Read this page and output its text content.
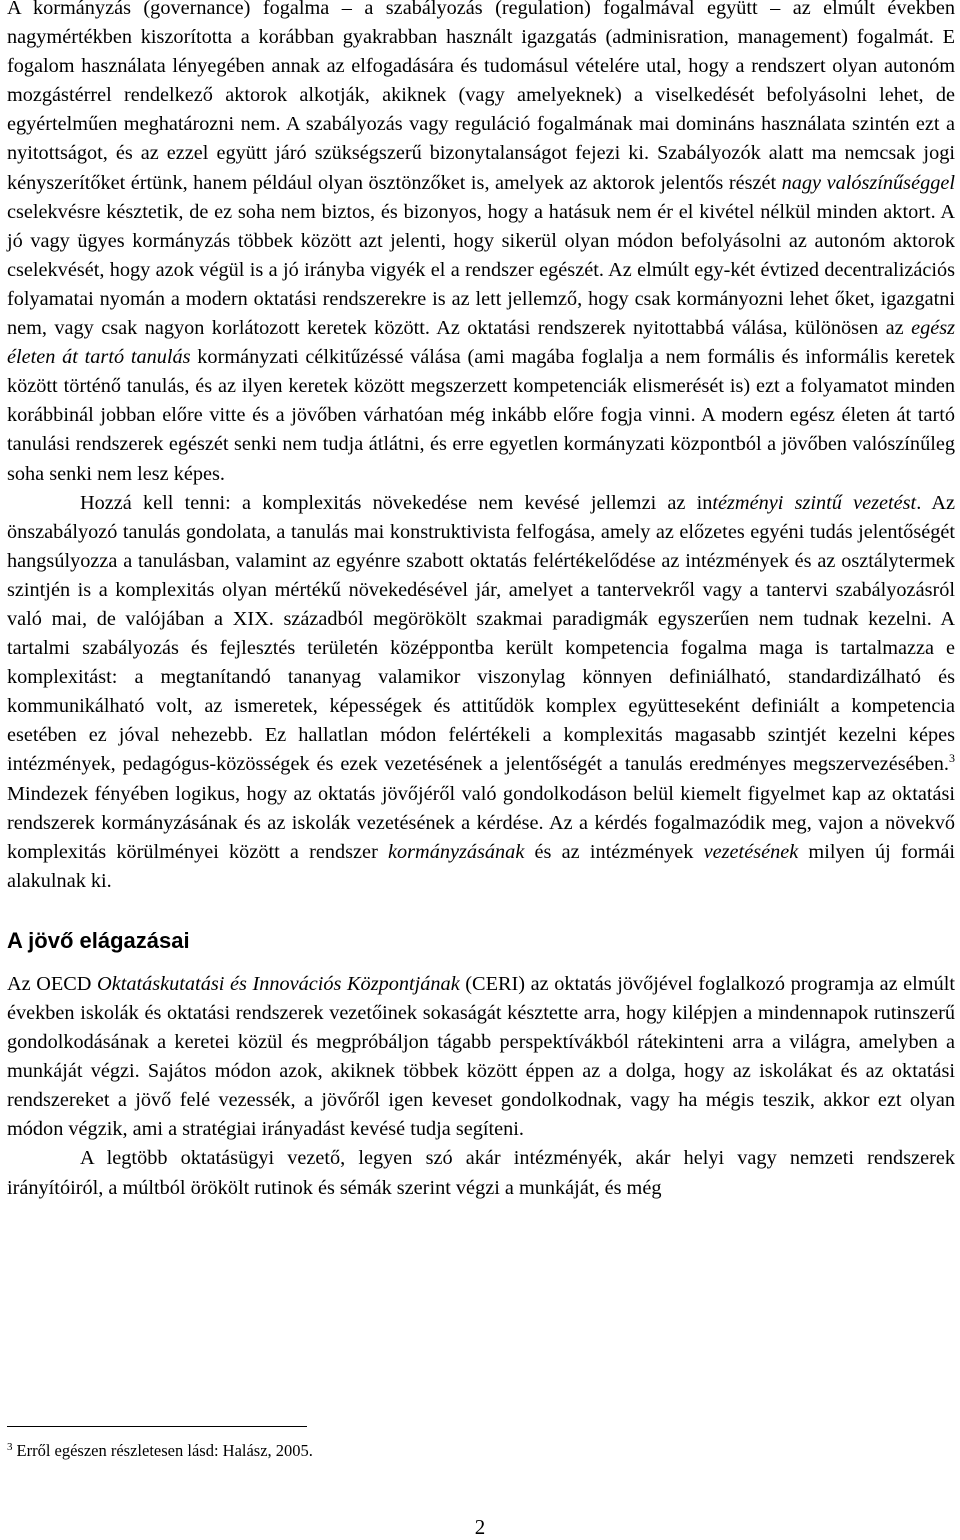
A kormányzás (governance) fogalma – a szabályozás (regulation) fogalmával együtt – az elmúlt években nagymértékben kiszorította a korábban gyakrabban használt igazgatás (adminisration, management) fogalmát. E fogalom használata lényegében annak az elfogadására és tudomásul vételére utal, hogy a rendszert olyan autonóm mozgástérrel rendelkező aktorok alkotják, akiknek (vagy amelyeknek) a viselkedését befolyásolni lehet, de egyértelműen meghatározni nem. A szabályozás vagy reguláció fogalmának mai domináns használata szintén ezt a nyitottságot, és az ezzel együtt járó szükségszerű bizonytalanságot fejezi ki. Szabályozók alatt ma nemcsak jogi kényszerítőket értünk, hanem például olyan ösztönzőket is, amelyek az aktorok jelentős részét nagy valószínűséggel cselekvésre késztetik, de ez soha nem biztos, és bizonyos, hogy a hatásuk nem ér el kivétel nélkül minden aktort. A jó vagy ügyes kormányzás többek között azt jelenti, hogy sikerül olyan módon befolyásolni az autonóm aktorok cselekvését, hogy azok végül is a jó irányba vigyék el a rendszer egészét. Az elmúlt egy-két évtized decentralizációs folyamatai nyomán a modern oktatási rendszerekre is az lett jellemző, hogy csak kormányozni lehet őket, igazgatni nem, vagy csak nagyon korlátozott keretek között. Az oktatási rendszerek nyitottabbá válása, különösen az egész életen át tartó tanulás kormányzati célkitűzéssé válása (ami magába foglalja a nem formális és informális keretek között történő tanulás, és az ilyen keretek között megszerzett kompetenciák elismerését is) ezt a folyamatot minden korábbinál jobban előre vitte és a jövőben várhatóan még inkább előre fogja vinni. A modern egész életen át tartó tanulási rendszerek egészét senki nem tudja átlátni, és erre egyetlen kormányzati központból a jövőben valószínűleg soha senki nem lesz képes.

Hozzá kell tenni: a komplexitás növekedése nem kevésé jellemzi az intézményi szintű vezetést. Az önszabályozó tanulás gondolata, a tanulás mai konstruktivista felfogása, amely az előzetes egyéni tudás jelentőségét hangsúlyozza a tanulásban, valamint az egyénre szabott oktatás felértékelődése az intézmények és az osztálytermek szintjén is a komplexitás olyan mértékű növekedésével jár, amelyet a tantervekről vagy a tantervi szabályozásról való mai, de valójában a XIX. századból megörökölt szakmai paradigmák egyszerűen nem tudnak kezelni. A tartalmi szabályozás és fejlesztés területén középpontba került kompetencia fogalma maga is tartalmazza e komplexitást: a megtanítandó tananyag valamikor viszonylag könnyen definiálható, standardizálható és kommunikálható volt, az ismeretek, képességek és attitűdök komplex együtteseként definiált a kompetencia esetében ez jóval nehezebb. Ez hallatlan módon felértékeli a komplexitás magasabb szintjét kezelni képes intézmények, pedagógus-közösségek és ezek vezetésének a jelentőségét a tanulás eredményes megszervezésében.$^3$ Mindezek fényében logikus, hogy az oktatás jövőjéről való gondolkodáson belül kiemelt figyelmet kap az oktatási rendszerek kormányzásának és az iskolák vezetésének a kérdése. Az a kérdés fogalmazódik meg, vajon a növekvő komplexitás körülményei között a rendszer kormányzásának és az intézmények vezetésének milyen új formái alakulnak ki.

A jövő elágazásai

Az OECD Oktatáskutatási és Innovációs Központjának (CERI) az oktatás jövőjével foglalkozó programja az elmúlt években iskolák és oktatási rendszerek vezetőinek sokaságát késztette arra, hogy kilépjen a mindennapok rutinszerű gondolkodásának a keretei közül és megpróbáljon tágabb perspektívákból rátekinteni arra a világra, amelyben a munkáját végzi. Sajátos módon azok, akiknek többek között éppen az a dolga, hogy az iskolákat és az oktatási rendszereket a jövő felé vezessék, a jövőről igen keveset gondolkodnak, vagy ha mégis teszik, akkor ezt olyan módon végzik, ami a stratégiai irányadást kevésé tudja segíteni.

A legtöbb oktatásügyi vezető, legyen szó akár intézményék, akár helyi vagy nemzeti rendszerek irányítóiról, a múltból örökölt rutinok és sémák szerint végzi a munkáját, és még

$^3$ Erről egészen részletesen lásd: Halász, 2005.
2
